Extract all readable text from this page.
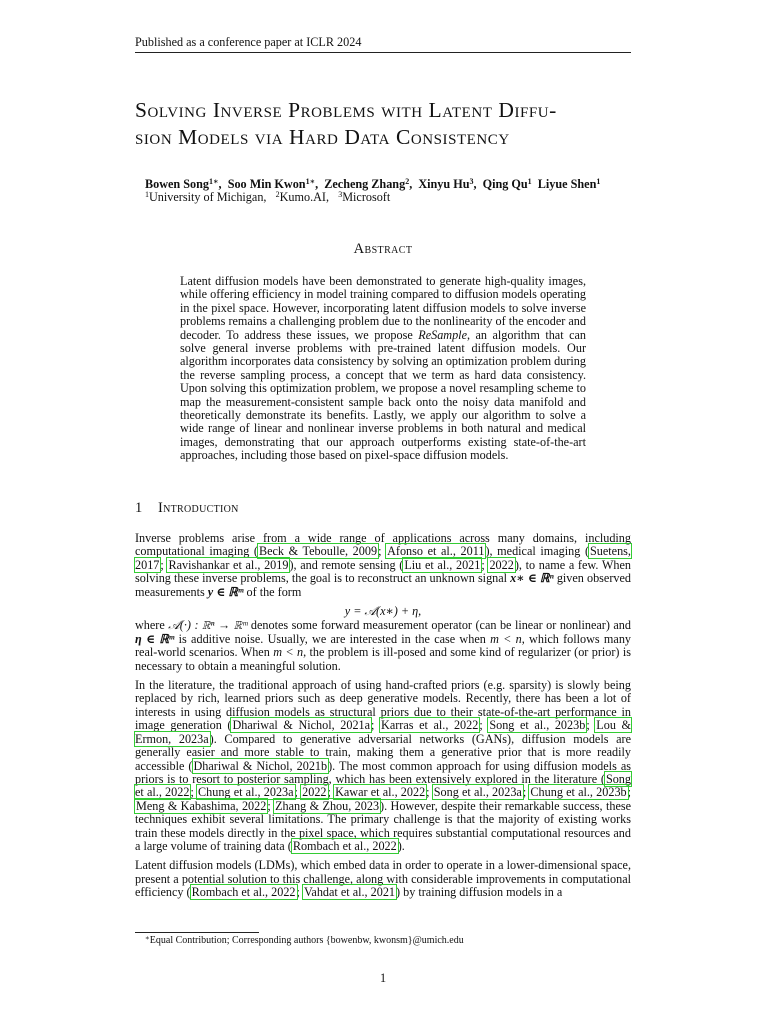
Published as a conference paper at ICLR 2024
Solving Inverse Problems with Latent Diffu-
sion Models via Hard Data Consistency
Bowen Song$^{1∗}$,  Soo Min Kwon$^{1∗}$,  Zecheng Zhang$^2$,  Xinyu Hu$^3$,  Qing Qu$^1$ Liyue Shen$^1$
$^1$University of Michigan, $^2$Kumo.AI, $^3$Microsoft
Abstract
Latent diffusion models have been demonstrated to generate high-quality images, while offering efficiency in model training compared to diffusion models operating in the pixel space. However, incorporating latent diffusion models to solve inverse problems remains a challenging problem due to the nonlinearity of the encoder and decoder. To address these issues, we propose ReSample, an algorithm that can solve general inverse problems with pre-trained latent diffusion models. Our algorithm incorporates data consistency by solving an optimization problem during the reverse sampling process, a concept that we term as hard data consistency. Upon solving this optimization problem, we propose a novel resampling scheme to map the measurement-consistent sample back onto the noisy data manifold and theoretically demonstrate its benefits. Lastly, we apply our algorithm to solve a wide range of linear and nonlinear inverse problems in both natural and medical images, demonstrating that our approach outperforms existing state-of-the-art approaches, including those based on pixel-space diffusion models.
1 Introduction

Inverse problems arise from a wide range of applications across many domains, including computational imaging (Beck & Teboulle, 2009; Afonso et al., 2011), medical imaging (Suetens, 2017; Ravishankar et al., 2019), and remote sensing (Liu et al., 2021; 2022), to name a few. When solving these inverse problems, the goal is to reconstruct an unknown signal x∗ ∈ ℝⁿ given observed measurements y ∈ ℝᵐ of the form

y = 𝒜(x∗) + η,

where 𝒜(·) : ℝⁿ → ℝᵐ denotes some forward measurement operator (can be linear or nonlinear) and η ∈ ℝᵐ is additive noise. Usually, we are interested in the case when m < n, which follows many real-world scenarios. When m < n, the problem is ill-posed and some kind of regularizer (or prior) is necessary to obtain a meaningful solution.

In the literature, the traditional approach of using hand-crafted priors (e.g. sparsity) is slowly being replaced by rich, learned priors such as deep generative models. Recently, there has been a lot of interests in using diffusion models as structural priors due to their state-of-the-art performance in image generation (Dhariwal & Nichol, 2021a; Karras et al., 2022; Song et al., 2023b; Lou & Ermon, 2023a). Compared to generative adversarial networks (GANs), diffusion models are generally easier and more stable to train, making them a generative prior that is more readily accessible (Dhariwal & Nichol, 2021b). The most common approach for using diffusion models as priors is to resort to posterior sampling, which has been extensively explored in the literature (Song et al., 2022; Chung et al., 2023a; 2022; Kawar et al., 2022; Song et al., 2023a; Chung et al., 2023b; Meng & Kabashima, 2022; Zhang & Zhou, 2023). However, despite their remarkable success, these techniques exhibit several limitations. The primary challenge is that the majority of existing works train these models directly in the pixel space, which requires substantial computational resources and a large volume of training data (Rombach et al., 2022).

Latent diffusion models (LDMs), which embed data in order to operate in a lower-dimensional space, present a potential solution to this challenge, along with considerable improvements in computational efficiency (Rombach et al., 2022; Vahdat et al., 2021) by training diffusion models in a

∗Equal Contribution; Corresponding authors {bowenbw, kwonsm}@umich.edu
1
